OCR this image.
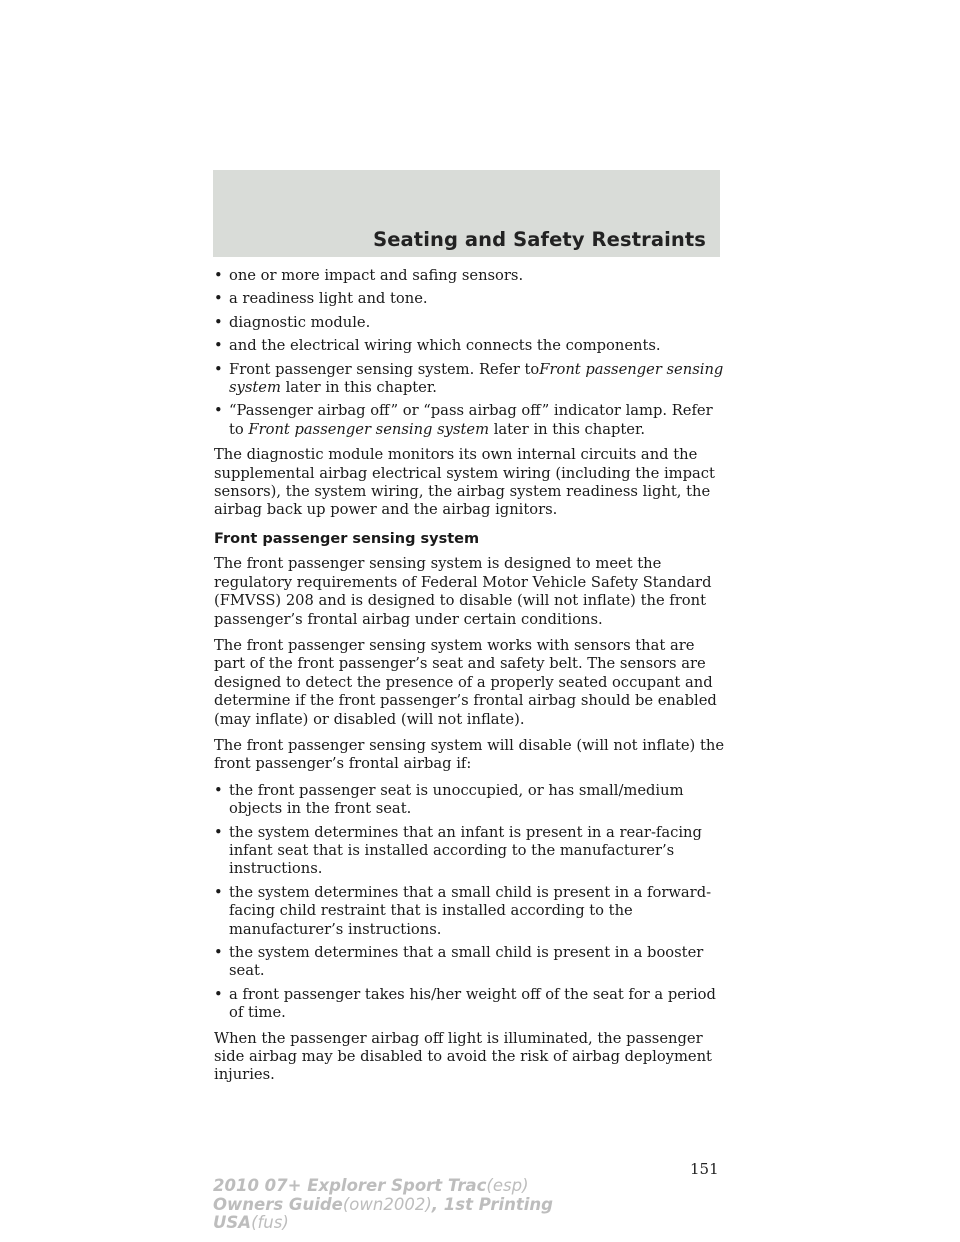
Seating and Safety Restraints
• one or more impact and safing sensors.
• a readiness light and tone.
• diagnostic module.
• and the electrical wiring which connects the components.
• Front passenger sensing system. Refer toFront passenger sensing system later in this chapter.
• “Passenger airbag off” or “pass airbag off” indicator lamp. Refer to Front passenger sensing system later in this chapter.
The diagnostic module monitors its own internal circuits and the supplemental airbag electrical system wiring (including the impact sensors), the system wiring, the airbag system readiness light, the airbag back up power and the airbag ignitors.
Front passenger sensing system
The front passenger sensing system is designed to meet the regulatory requirements of Federal Motor Vehicle Safety Standard (FMVSS) 208 and is designed to disable (will not inflate) the front passenger’s frontal airbag under certain conditions.
The front passenger sensing system works with sensors that are part of the front passenger’s seat and safety belt. The sensors are designed to detect the presence of a properly seated occupant and determine if the front passenger’s frontal airbag should be enabled (may inflate) or disabled (will not inflate).
The front passenger sensing system will disable (will not inflate) the front passenger’s frontal airbag if:
• the front passenger seat is unoccupied, or has small/medium objects in the front seat.
• the system determines that an infant is present in a rear-facing infant seat that is installed according to the manufacturer’s instructions.
• the system determines that a small child is present in a forward-facing child restraint that is installed according to the manufacturer’s instructions.
• the system determines that a small child is present in a booster seat.
• a front passenger takes his/her weight off of the seat for a period of time.
When the passenger airbag off light is illuminated, the passenger side airbag may be disabled to avoid the risk of airbag deployment injuries.
151
2010 07+ Explorer Sport Trac(esp)
Owners Guide(own2002), 1st Printing
USA(fus)
